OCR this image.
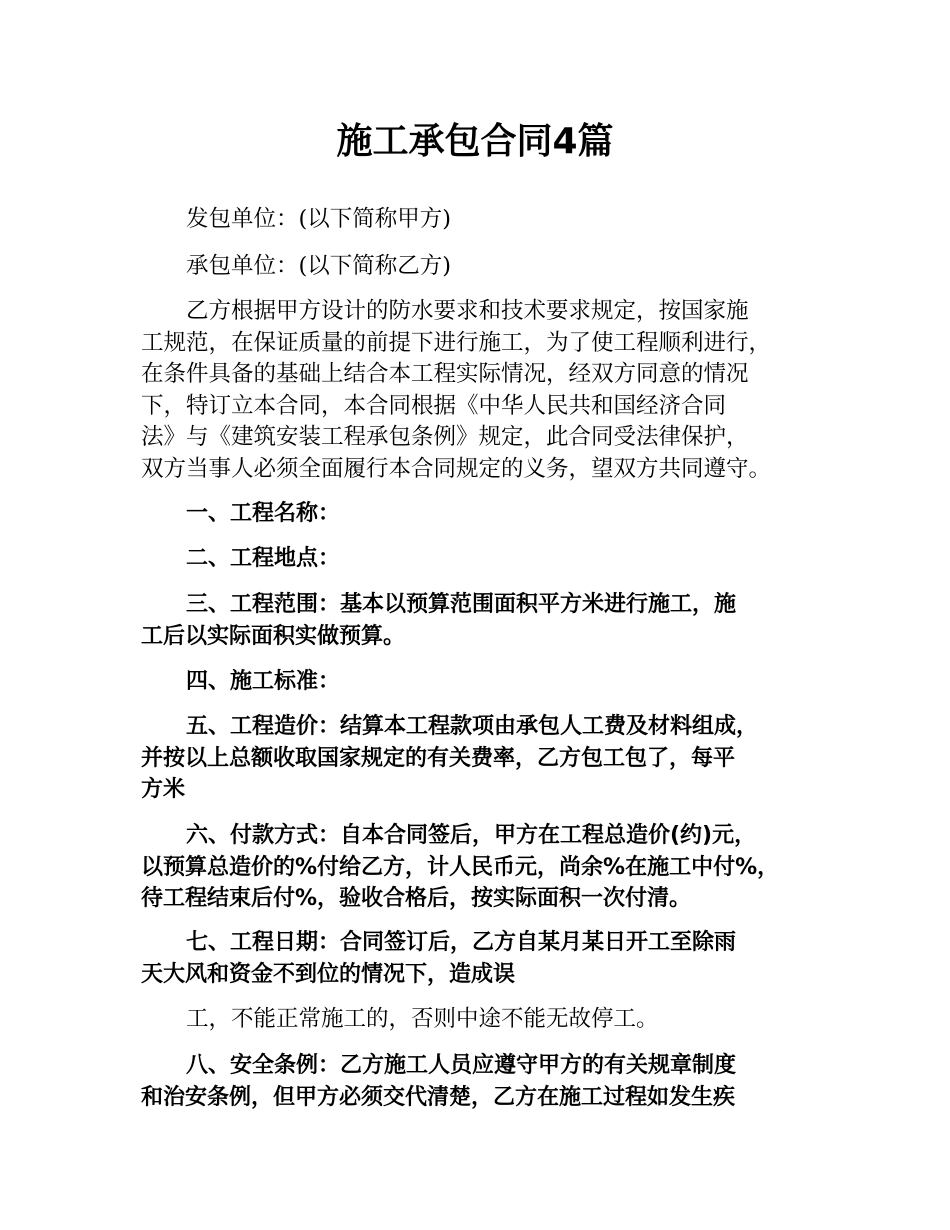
施工承包合同4篇

发包单位：(以下简称甲方)

承包单位：(以下简称乙方)

乙方根据甲方设计的防水要求和技术要求规定，按国家施
工规范，在保证质量的前提下进行施工，为了使工程顺利进行，
在条件具备的基础上结合本工程实际情况，经双方同意的情况
下，特订立本合同，本合同根据《中华人民共和国经济合同
法》与《建筑安装工程承包条例》规定，此合同受法律保护，
双方当事人必须全面履行本合同规定的义务，望双方共同遵守。

一、工程名称：

二、工程地点：

三、工程范围：基本以预算范围面积平方米进行施工，施
工后以实际面积实做预算。

四、施工标准：

五、工程造价：结算本工程款项由承包人工费及材料组成，
并按以上总额收取国家规定的有关费率，乙方包工包了，每平
方米

六、付款方式：自本合同签后，甲方在工程总造价(约)元，
以预算总造价的%付给乙方，计人民币元，尚余%在施工中付%，
待工程结束后付%，验收合格后，按实际面积一次付清。

七、工程日期：合同签订后，乙方自某月某日开工至除雨
天大风和资金不到位的情况下，造成误

工，不能正常施工的，否则中途不能无故停工。

八、安全条例：乙方施工人员应遵守甲方的有关规章制度
和治安条例，但甲方必须交代清楚，乙方在施工过程如发生疾
